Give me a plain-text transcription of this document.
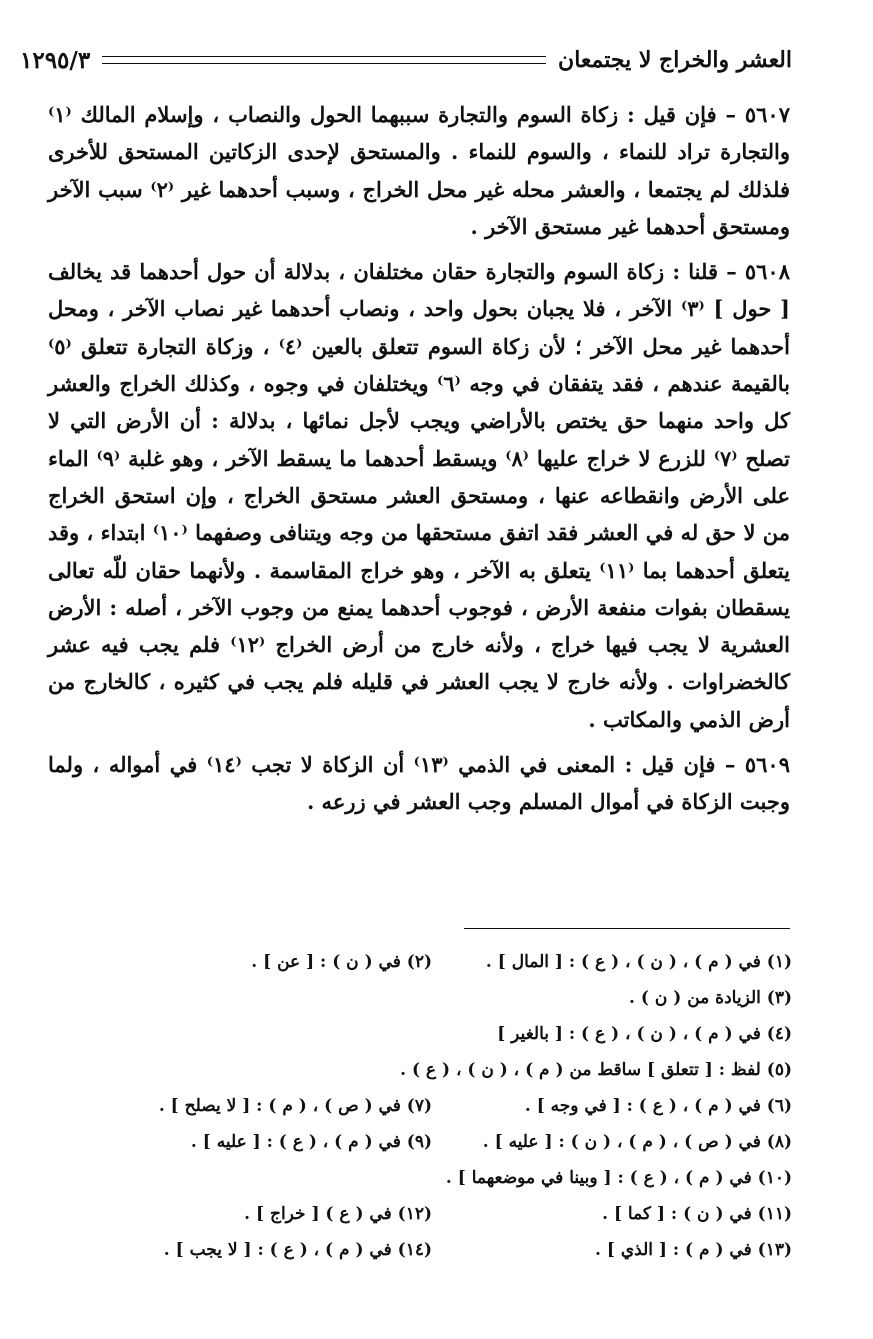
العشر والخراج لا يجتمعان
١٢٩٥/٣

٥٦٠٧ – فإن قيل : زكاة السوم والتجارة سببهما الحول والنصاب ، وإسلام المالك ⁽١⁾ والتجارة تراد للنماء ، والسوم للنماء . والمستحق لإحدى الزكاتين المستحق للأخرى فلذلك لم يجتمعا ، والعشر محله غير محل الخراج ، وسبب أحدهما غير ⁽٢⁾ سبب الآخر ومستحق أحدهما غير مستحق الآخر .

٥٦٠٨ – قلنا : زكاة السوم والتجارة حقان مختلفان ، بدلالة أن حول أحدهما قد يخالف [ حول ] ⁽٣⁾ الآخر ، فلا يجبان بحول واحد ، ونصاب أحدهما غير نصاب الآخر ، ومحل أحدهما غير محل الآخر ؛ لأن زكاة السوم تتعلق بالعين ⁽٤⁾ ، وزكاة التجارة تتعلق ⁽٥⁾ بالقيمة عندهم ، فقد يتفقان في وجه ⁽٦⁾ ويختلفان في وجوه ، وكذلك الخراج والعشر كل واحد منهما حق يختص بالأراضي ويجب لأجل نمائها ، بدلالة : أن الأرض التي لا تصلح ⁽٧⁾ للزرع لا خراج عليها ⁽٨⁾ ويسقط أحدهما ما يسقط الآخر ، وهو غلبة ⁽٩⁾ الماء على الأرض وانقطاعه عنها ، ومستحق العشر مستحق الخراج ، وإن استحق الخراج من لا حق له في العشر فقد اتفق مستحقها من وجه ويتنافى وصفهما ⁽١٠⁾ ابتداء ، وقد يتعلق أحدهما بما ⁽١١⁾ يتعلق به الآخر ، وهو خراج المقاسمة . ولأنهما حقان للّه تعالى يسقطان بفوات منفعة الأرض ، فوجوب أحدهما يمنع من وجوب الآخر ، أصله : الأرض العشرية لا يجب فيها خراج ، ولأنه خارج من أرض الخراج ⁽١٢⁾ فلم يجب فيه عشر كالخضراوات . ولأنه خارج لا يجب العشر في قليله فلم يجب في كثيره ، كالخارج من أرض الذمي والمكاتب .

٥٦٠٩ – فإن قيل : المعنى في الذمي ⁽١٣⁾ أن الزكاة لا تجب ⁽١٤⁾ في أمواله ، ولما وجبت الزكاة في أموال المسلم وجب العشر في زرعه .

(١) في ( م ) ، ( ن ) ، ( ع ) : [ المال ] .
(٢) في ( ن ) : [ عن ] .
(٣) الزيادة من ( ن ) .
(٤) في ( م ) ، ( ن ) ، ( ع ) : [ بالغير ]
(٥) لفظ : [ تتعلق ] ساقط من ( م ) ، ( ن ) ، ( ع ) .
(٦) في ( م ) ، ( ع ) : [ في وجه ] .
(٧) في ( ص ) ، ( م ) : [ لا يصلح ] .
(٨) في ( ص ) ، ( م ) ، ( ن ) : [ عليه ] .
(٩) في ( م ) ، ( ع ) : [ عليه ] .
(١٠) في ( م ) ، ( ع ) : [ وبينا في موضعهما ] .
(١١) في ( ن ) : [ كما ] .
(١٢) في ( ع ) [ خراج ] .
(١٣) في ( م ) : [ الذي ] .
(١٤) في ( م ) ، ( ع ) : [ لا يجب ] .
